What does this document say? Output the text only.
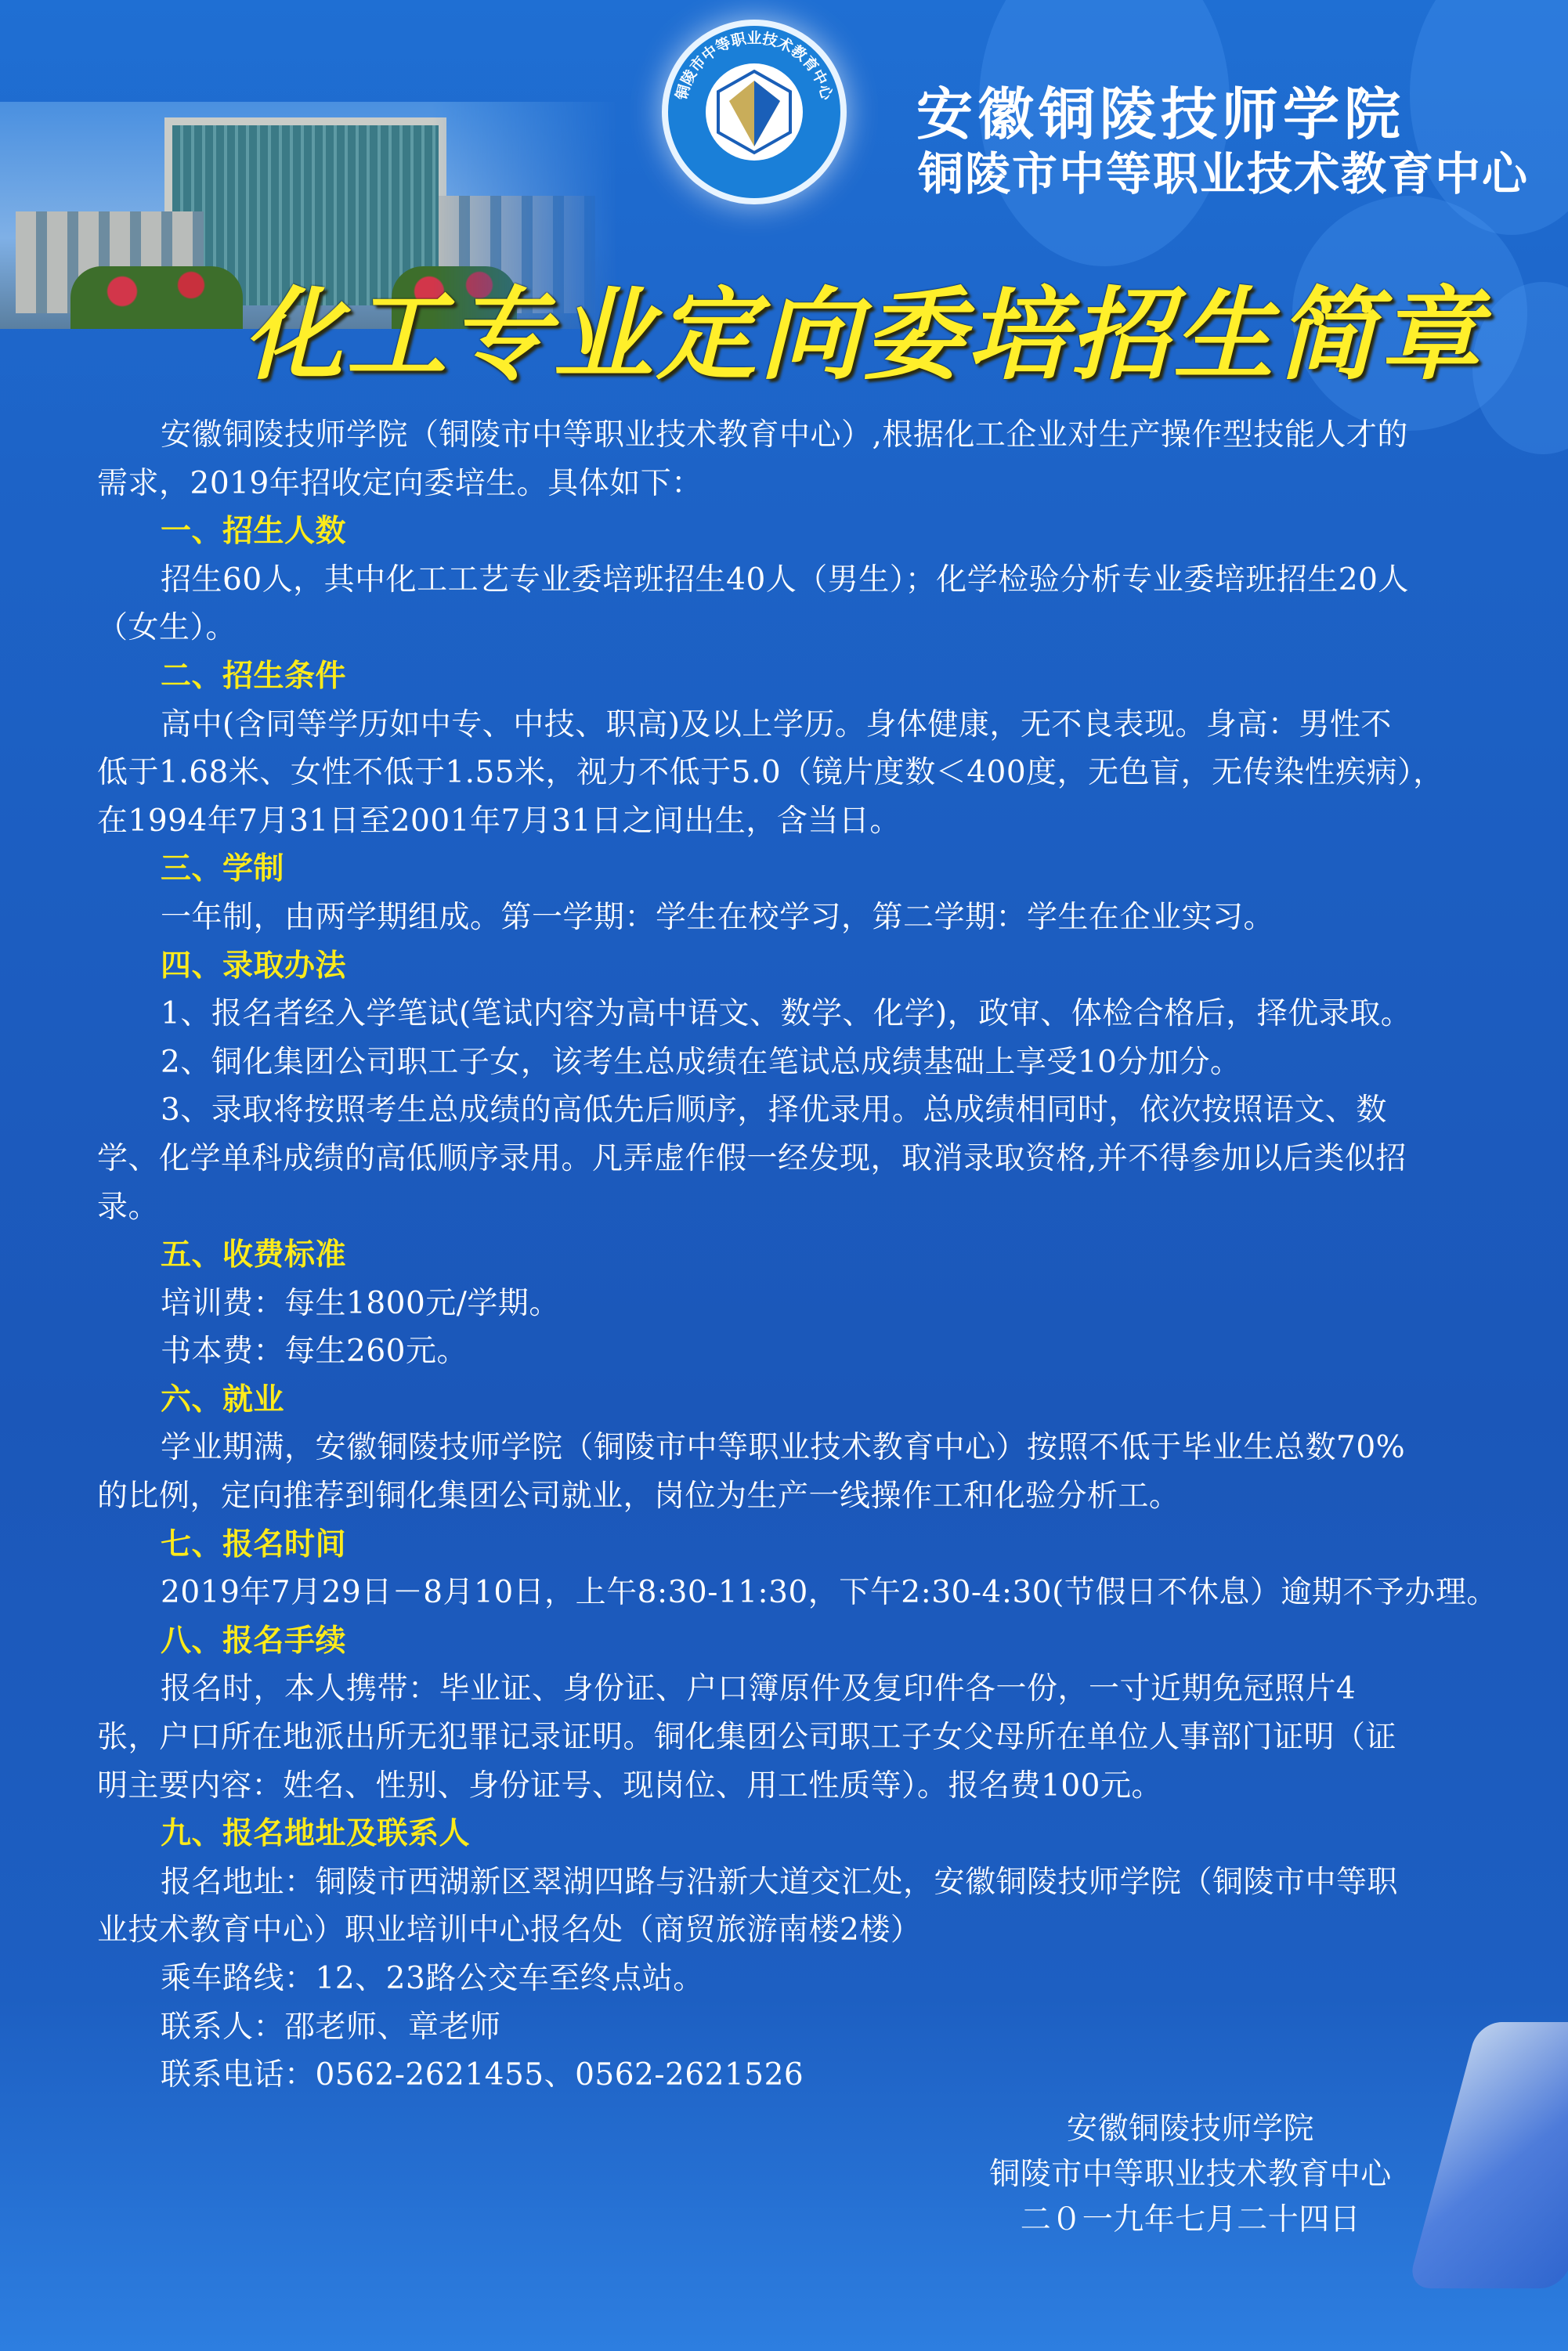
铜陵市中等职业技术教育中心 安徽铜陵技师学院
铜陵市中等职业技术教育中心
化工专业定向委培招生简章
安徽铜陵技师学院（铜陵市中等职业技术教育中心）,根据化工企业对生产操作型技能人才的
需求，2019年招收定向委培生。具体如下：
一、招生人数
招生60人，其中化工工艺专业委培班招生40人（男生）；化学检验分析专业委培班招生20人
（女生）。
二、招生条件
高中(含同等学历如中专、中技、职高)及以上学历。身体健康，无不良表现。身高：男性不
低于1.68米、女性不低于1.55米，视力不低于5.0（镜片度数＜400度，无色盲，无传染性疾病），
在1994年7月31日至2001年7月31日之间出生，含当日。
三、学制
一年制，由两学期组成。第一学期：学生在校学习，第二学期：学生在企业实习。
四、录取办法
1、报名者经入学笔试(笔试内容为高中语文、数学、化学)，政审、体检合格后，择优录取。
2、铜化集团公司职工子女，该考生总成绩在笔试总成绩基础上享受10分加分。
3、录取将按照考生总成绩的高低先后顺序，择优录用。总成绩相同时，依次按照语文、数
学、化学单科成绩的高低顺序录用。凡弄虚作假一经发现，取消录取资格,并不得参加以后类似招
录。
五、收费标准
培训费：每生1800元/学期。
书本费：每生260元。
六、就业
学业期满，安徽铜陵技师学院（铜陵市中等职业技术教育中心）按照不低于毕业生总数70%
的比例，定向推荐到铜化集团公司就业，岗位为生产一线操作工和化验分析工。
七、报名时间
2019年7月29日－8月10日，上午8:30-11:30，下午2:30-4:30(节假日不休息）逾期不予办理。
八、报名手续
报名时，本人携带：毕业证、身份证、户口簿原件及复印件各一份，一寸近期免冠照片4
张，户口所在地派出所无犯罪记录证明。铜化集团公司职工子女父母所在单位人事部门证明（证
明主要内容：姓名、性别、身份证号、现岗位、用工性质等）。报名费100元。
九、报名地址及联系人
报名地址：铜陵市西湖新区翠湖四路与沿新大道交汇处，安徽铜陵技师学院（铜陵市中等职
业技术教育中心）职业培训中心报名处（商贸旅游南楼2楼）
乘车路线：12、23路公交车至终点站。
联系人：邵老师、章老师
联系电话：0562-2621455、0562-2621526
安徽铜陵技师学院
铜陵市中等职业技术教育中心
二０一九年七月二十四日
